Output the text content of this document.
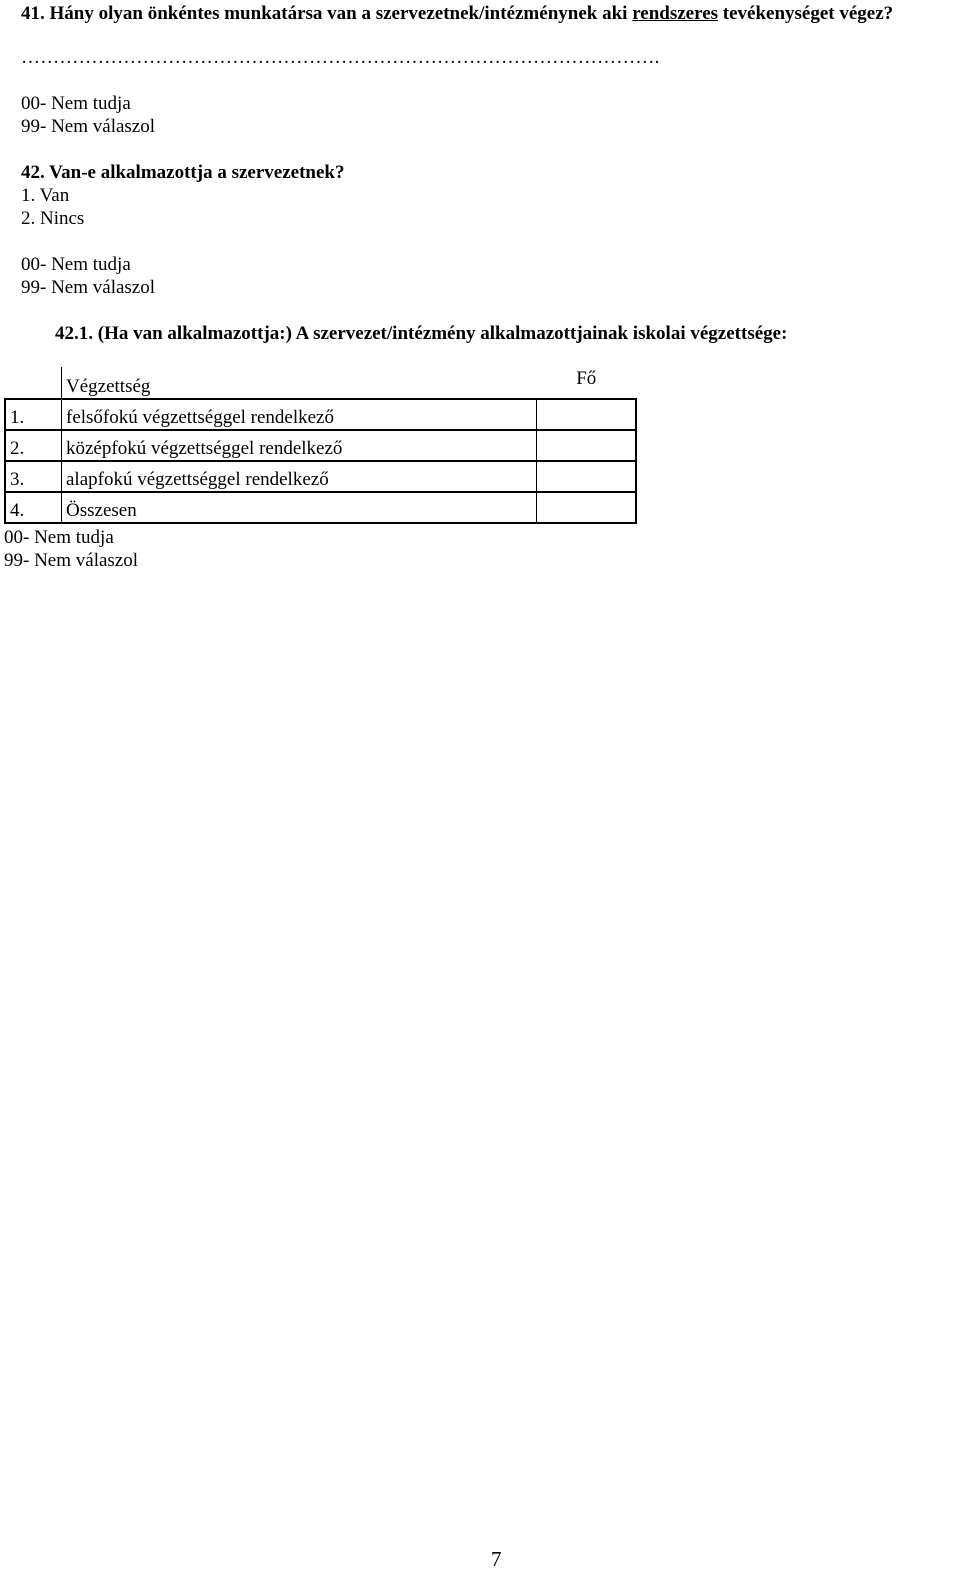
41. Hány olyan önkéntes munkatársa van a szervezetnek/intézménynek aki rendszeres tevékenységet végez?
……………………………………………………………………………………….
00- Nem tudja
99- Nem válaszol
42. Van-e alkalmazottja a szervezetnek?
1. Van
2. Nincs
00- Nem tudja
99- Nem válaszol
42.1. (Ha van alkalmazottja:) A szervezet/intézmény alkalmazottjainak iskolai végzettsége:
	Végzettség	Fő
1.	felsőfokú végzettséggel rendelkező	
2.	középfokú végzettséggel rendelkező	
3.	alapfokú végzettséggel rendelkező	
4.	Összesen	
00- Nem tudja
99- Nem válaszol
7
